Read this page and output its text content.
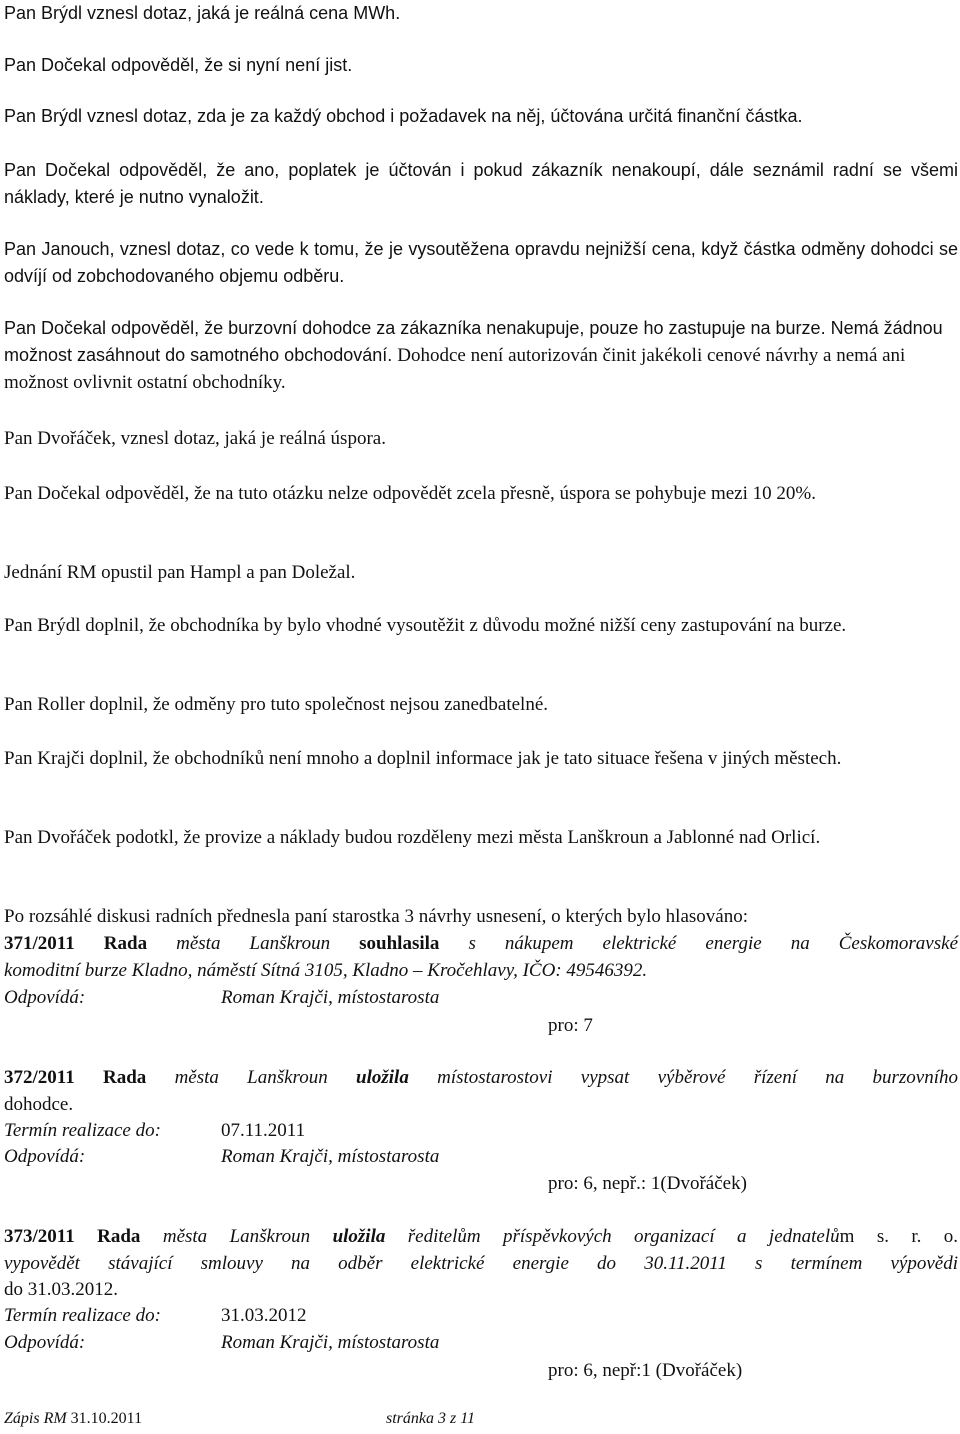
Pan Brýdl vznesl dotaz, jaká je reálná cena MWh.

Pan Dočekal odpověděl, že si nyní není jist.

Pan Brýdl vznesl dotaz, zda je za každý obchod i požadavek na něj, účtována určitá finanční částka.

Pan Dočekal odpověděl, že ano, poplatek je účtován i pokud zákazník nenakoupí, dále seznámil radní se všemi náklady, které je nutno vynaložit.

Pan Janouch, vznesl dotaz, co vede k tomu, že je vysoutěžena opravdu nejnižší cena, když částka odměny dohodci se odvíjí od zobchodovaného objemu odběru.

Pan Dočekal odpověděl, že burzovní dohodce za zákazníka nenakupuje, pouze ho zastupuje na burze. Nemá žádnou možnost zasáhnout do samotného obchodování. Dohodce není autorizován činit jakékoli cenové návrhy a nemá ani možnost ovlivnit ostatní obchodníky.

Pan Dvořáček, vznesl dotaz, jaká je reálná úspora.

Pan Dočekal odpověděl, že na tuto otázku nelze odpovědět zcela přesně, úspora se pohybuje mezi 10 20%.

Jednání RM opustil pan Hampl a pan Doležal.

Pan Brýdl doplnil, že obchodníka by bylo vhodné vysoutěžit z důvodu možné nižší ceny zastupování na burze.

Pan Roller doplnil, že odměny pro tuto společnost nejsou zanedbatelné.

Pan Krajči doplnil, že obchodníků není mnoho a doplnil informace jak je tato situace řešena v jiných městech.

Pan Dvořáček podotkl, že provize a náklady budou rozděleny mezi města Lanškroun a Jablonné nad Orlicí.

Po rozsáhlé diskusi radních přednesla paní starostka 3 návrhy usnesení, o kterých bylo hlasováno:

371/2011 Rada města Lanškroun souhlasila s nákupem elektrické energie na Českomoravské
komoditní burze Kladno, náměstí Sítná 3105, Kladno – Kročehlavy, IČO: 49546392.
Odpovídá:	Roman Krajči, místostarosta
pro: 7
372/2011 Rada města Lanškroun uložila místostarostovi vypsat výběrové řízení na burzovního
dohodce.
Termín realizace do:	07.11.2011
Odpovídá:	Roman Krajči, místostarosta
pro: 6, nepř.: 1(Dvořáček)
373/2011 Rada města Lanškroun uložila ředitelům příspěvkových organizací a jednatelům s. r. o.
vypovědět stávající smlouvy na odběr elektrické energie do 30.11.2011 s termínem výpovědi
do 31.03.2012.
Termín realizace do:	31.03.2012
Odpovídá:	Roman Krajči, místostarosta
pro: 6, nepř:1 (Dvořáček)
Zápis RM 31.10.2011	stránka 3 z 11
